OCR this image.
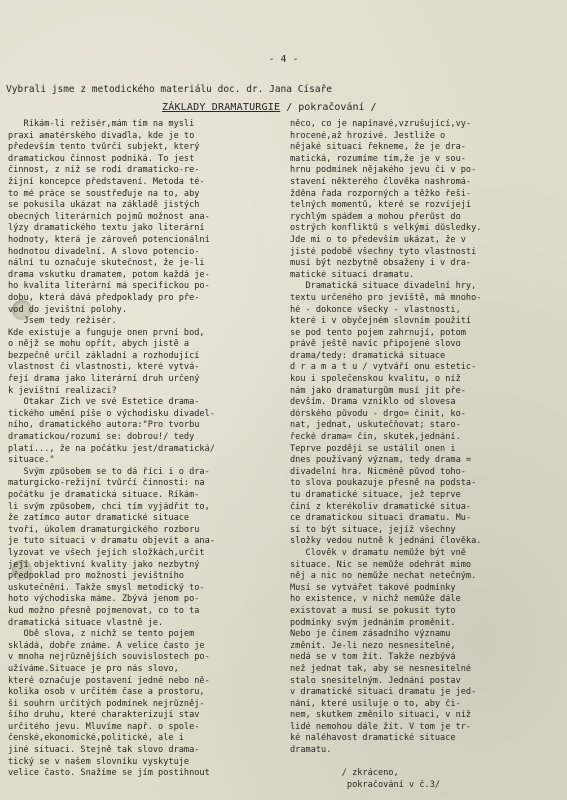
- 4 -
Vybrali jsme z metodického materiálu doc. dr. Jana Císaře
ZÁKLADY DRAMATURGIE / pokračování /

Říkám-li režisér,mám tím na mysli

praxi amatérského divadla, kde je to

především tento tvůrčí subjekt, který

dramatickou činnost podniká. To jest

činnost, z níž se rodí dramaticko-re-

žijní koncepce představení. Metoda té-

to mé práce se soustřeďuje na to, aby

se pokusila ukázat na základě jistých

obecných literárních pojmů možnost ana-

lýzy dramatického textu jako literární

hodnoty, která je zároveň potencionální

hodnotou divadelní. A slovo potencio-

nální tu označuje skutečnost, že je-li

drama vskutku dramatem, potom každá je-

ho kvalita literární má specifickou po-

dobu, která dává předpoklady pro pře-

vod do jevištní polohy.

Jsem tedy režisér.

Kde existuje a funguje onen první bod,

o nějž se mohu opřít, abych jistě a

bezpečně určil základní a rozhodující

vlastnost či vlastnosti, které vytvá-

řejí drama jako literární druh určený

k jevištní realizaci?

Otakar Zich ve své Estetice drama-

tického umění píše o východisku divadel-

ního, dramatického autora:"Pro tvorbu

dramatickou/rozumí se: dobrou!/ tedy

platí..., že na počátku jest/dramatická/

situace."

Svým způsobem se to dá říci i o dra-

maturgicko-režijní tvůrčí činnosti: na

počátku je dramatická situace. Říkám-

li svým způsobem, chci tím vyjádřit to,

že zatímco autor dramatické situace

tvoří, úkolem dramaturgického rozboru

je tuto situaci v dramatu objevit a ana-

lyzovat ve všech jejích složkách,určit

její objektivní kvality jako nezbytný

předpoklad pro možnosti jevištního

uskutečnění. Takže smysl metodický to-

hoto východiska máme. Zbývá jenom po-

kud možno přesně pojmenovat, co to ta

dramatická situace vlastně je.

Obě slova, z nichž se tento pojem

skládá, dobře známe. A velice často je

v mnoha nejrůznějších souvislostech po-

užíváme.Situace je pro nás slovo,

které označuje postavení jedné nebo ně-

kolika osob v určitém čase a prostoru,

ši souhrn určitých podmínek nejrůzněj-

šího druhu, které charakterizují stav

určitého jevu. Mluvíme např. o spole-

čenské,ekonomické,politické, ale i

jiné situaci. Stejně tak slovo drama-

tický se v našem slovníku vyskytuje

velice často. Snažíme se jím postihnout

něco, co je napínavé,vzrušující,vy-

hrocené,až hrozivé. Jestliže o

nějaké situaci řekneme, že je dra-

matická, rozumíme tím,že je v sou-

hrnu podmínek nějakého jevu či v po-

stavení některého člověka nashromá-

žděna řada rozporných a těžko řeši-

telných momentů, které se rozvíjejí

rychlým spádem a mohou přerůst do

ostrých konfliktů s velkými důsledky.

Jde mi o to především ukázat, že v

jisté podobě všechny tyto vlastnosti

musí být nezbytně obsaženy i v dra-

matické situaci dramatu.

Dramatická situace divadelní hry,

textu určeného pro jeviště, má mnoho-

hé - dokonce všecky - vlastnosti,

které i v obyčejném slovním použití

se pod tento pojem zahrnují, potom

právě ještě navíc připojené slovo

drama/tedy: dramatická situace

d r a m a t u / vytváří onu estetic-

kou i společenskou kvalitu, o níž

nám jako dramaturgům musí jít pře-

devším. Drama vzniklo od slovesa

dórského původu - drgo= činit, ko-

nat, jednat, uskutečňovat; staro-

řecké drama= čin, skutek,jednání.

Teprve později se ustálil onen i

dnes používaný význam, tedy drama =

divadelní hra. Nicméně původ toho-

to slova poukazuje přesně na podsta-

tu dramatické situace, jež teprve

činí z kterékoliv dramatické situa-

ce dramatickou situaci dramatu. Mu-

sí to být situace, jejíž všechny

složky vedou nutně k jednání člověka.

Člověk v dramatu nemůže být vně

situace. Nic se nemůže odehrát mimo

něj a nic no nemůže nechat netečným.

Musí se vytvářet takové podmínky

ho existence, v nichž nemůže dále

existovat a musí se pokusit tyto

podmínky svým jednáním proměnit.

Nebo je činem zásadního významu

změnit. Je-li nezo nesnesitelné,

nedá se v tom žít. Takže nezbývá

než jednat tak, aby se nesnesitelné

stalo snesitelným. Jednání postav

v dramatické situaci dramatu je jed-

nání, které usiluje o to, aby či-

nem, skutkem změnilo situaci, v níž

lidé nemohou dále žít. V tom je tr-

ké naléhavost dramatické situace

dramatu.

/ zkráceno,

pokračování v č.3/
